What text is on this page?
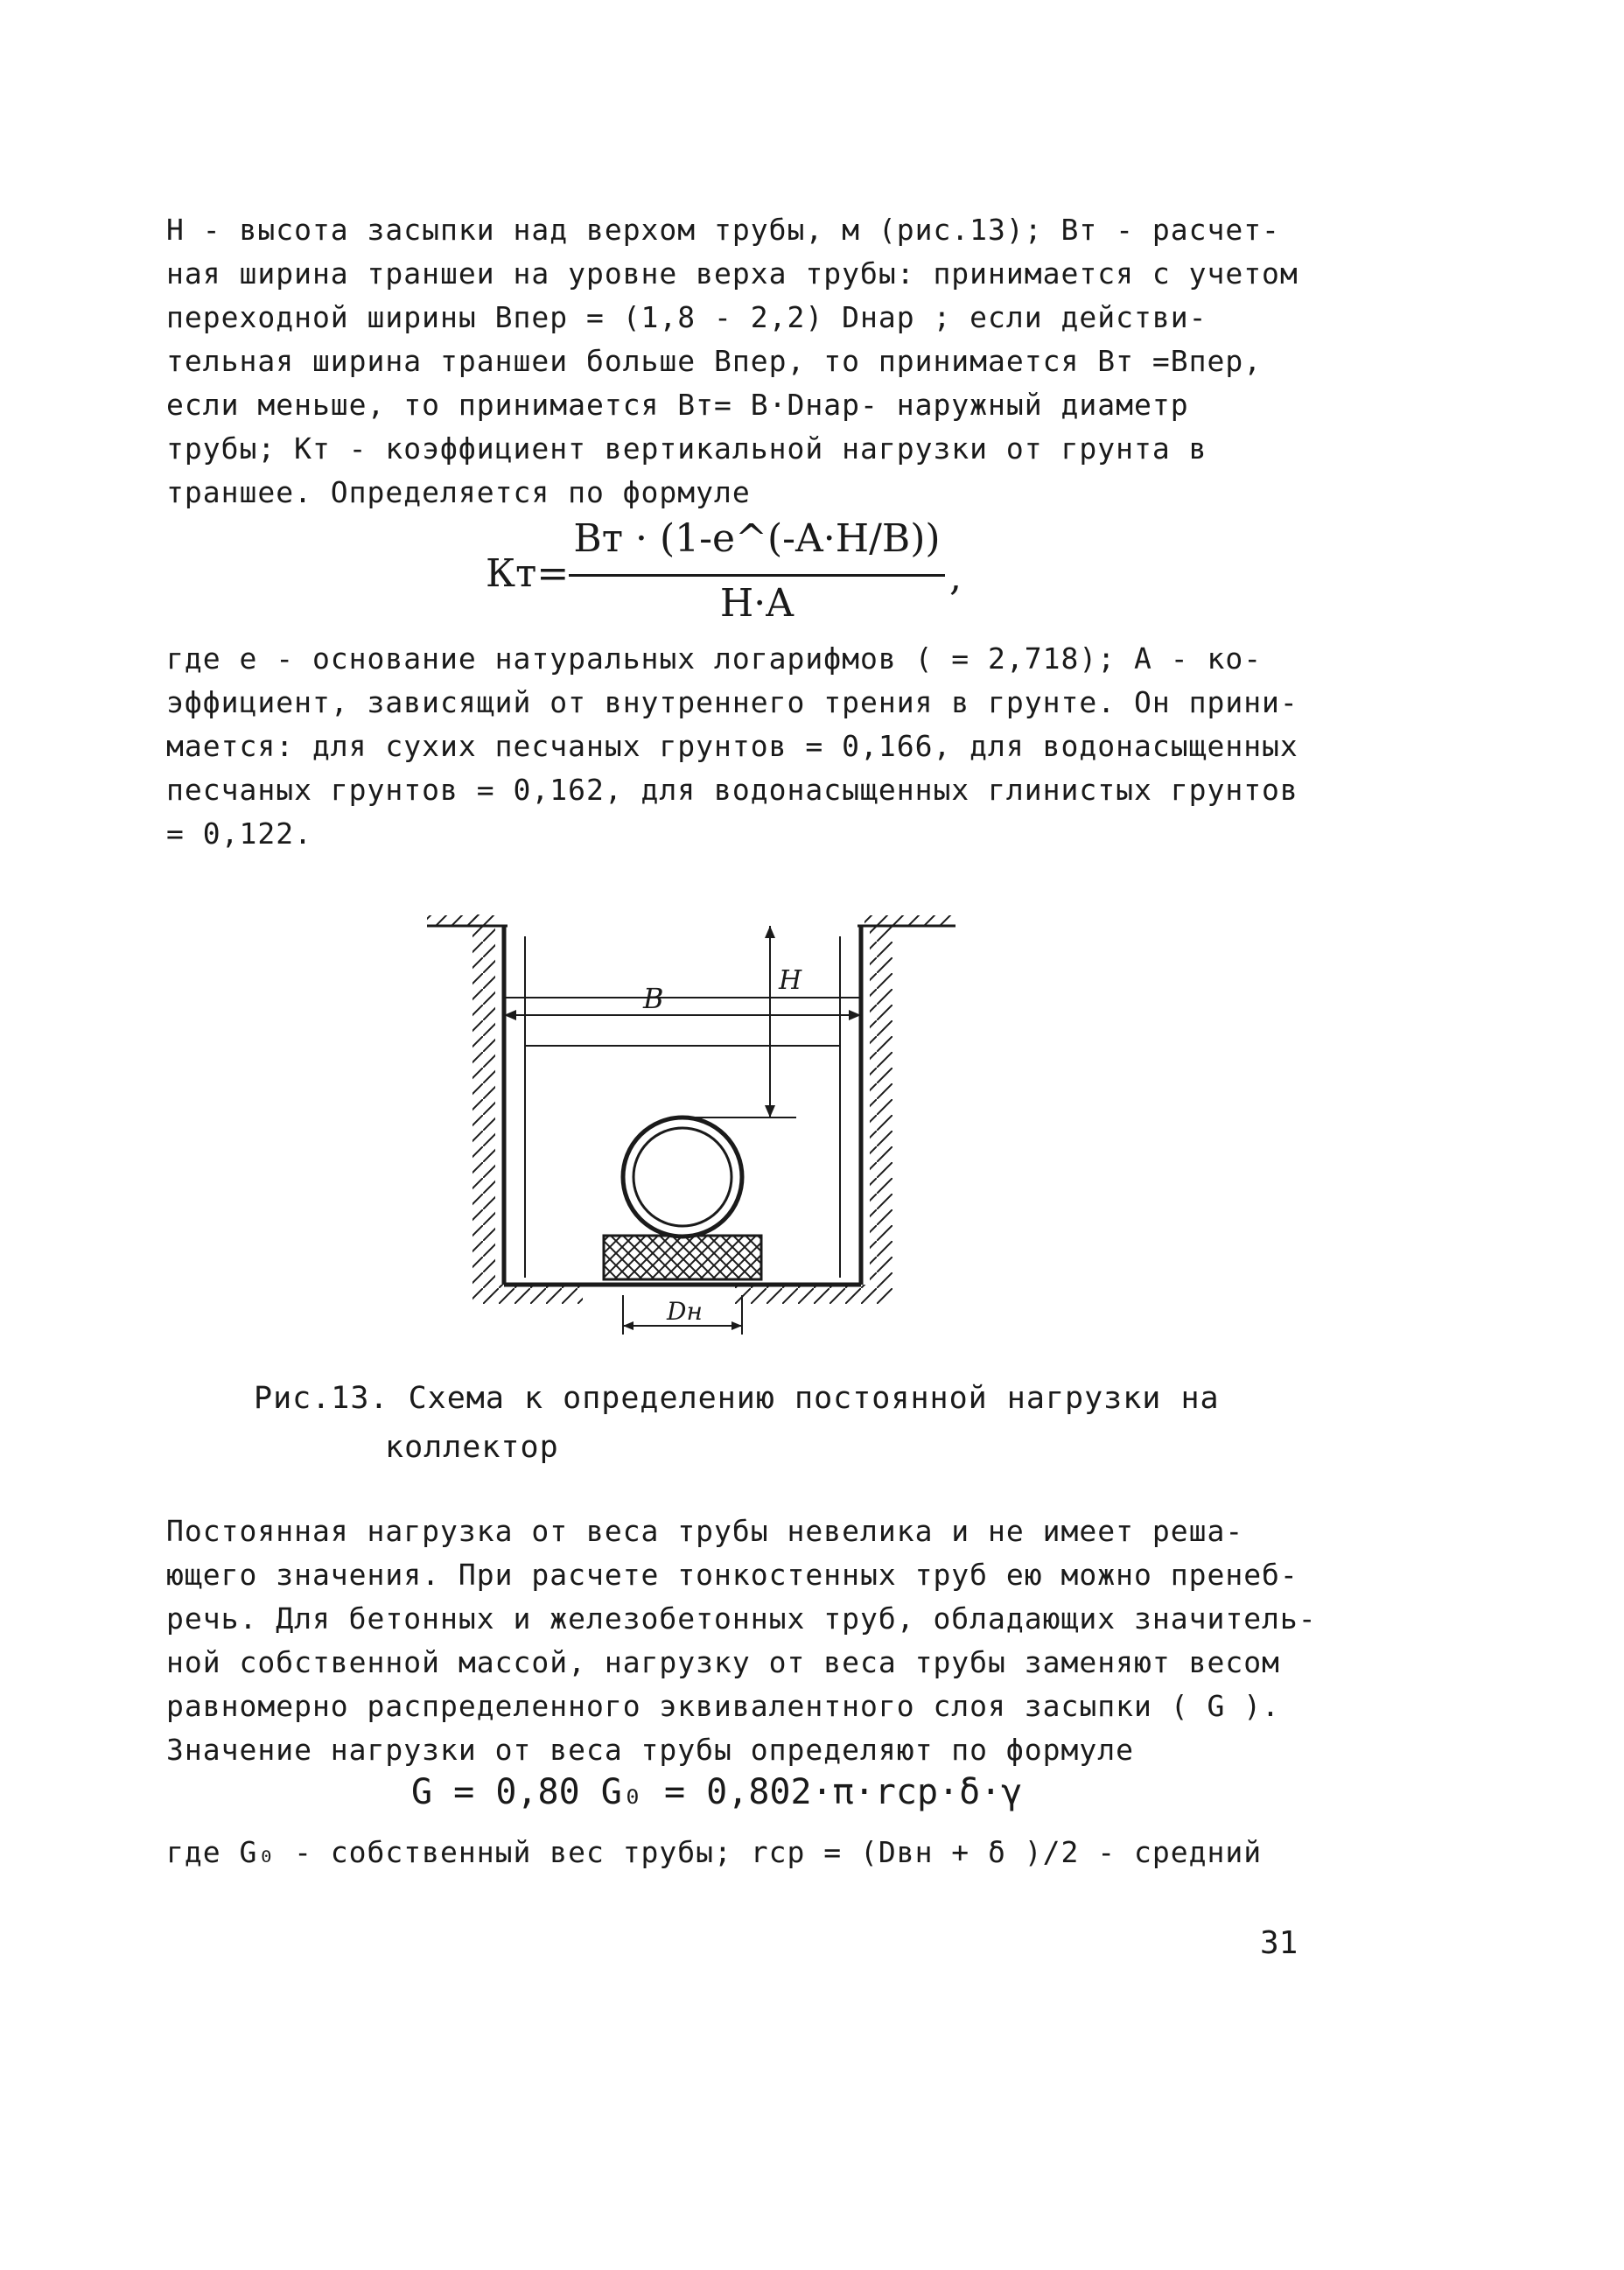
Н - высота засыпки над верхом трубы, м (рис.13); Вт - расчет-
ная ширина траншеи на уровне верха трубы: принимается с учетом
переходной ширины Впер = (1,8 - 2,2) Dнар ; если действи-
тельная ширина траншеи больше Впер, то принимается Вт =Впер,
если меньше, то принимается Вт= В·Dнар- наружный диаметр
трубы; Кт - коэффициент вертикальной нагрузки от грунта в
траншее. Определяется по формуле
Кт=
Вт · (1-e^(-A·H/B))
H·A
,
где е - основание натуральных логарифмов ( = 2,718); А - ко-
эффициент, зависящий от внутреннего трения в грунте. Он прини-
мается: для сухих песчаных грунтов = 0,166, для водонасыщенных
песчаных грунтов = 0,162, для водонасыщенных глинистых грунтов
= 0,122.
В
Н
Dн
Рис.13. Схема к определению постоянной нагрузки на
коллектор
Постоянная нагрузка от веса трубы невелика и не имеет реша-
ющего значения. При расчете тонкостенных труб ею можно пренеб-
речь. Для бетонных и железобетонных труб, обладающих значитель-
ной собственной массой, нагрузку от веса трубы заменяют весом
равномерно распределенного эквивалентного слоя засыпки ( G ).
Значение нагрузки от веса трубы определяют по формуле
G = 0,80 G₀ = 0,802·π·rср·δ·γ
где G₀ - собственный вес трубы; rср = (Dвн + δ )/2 - средний
31
